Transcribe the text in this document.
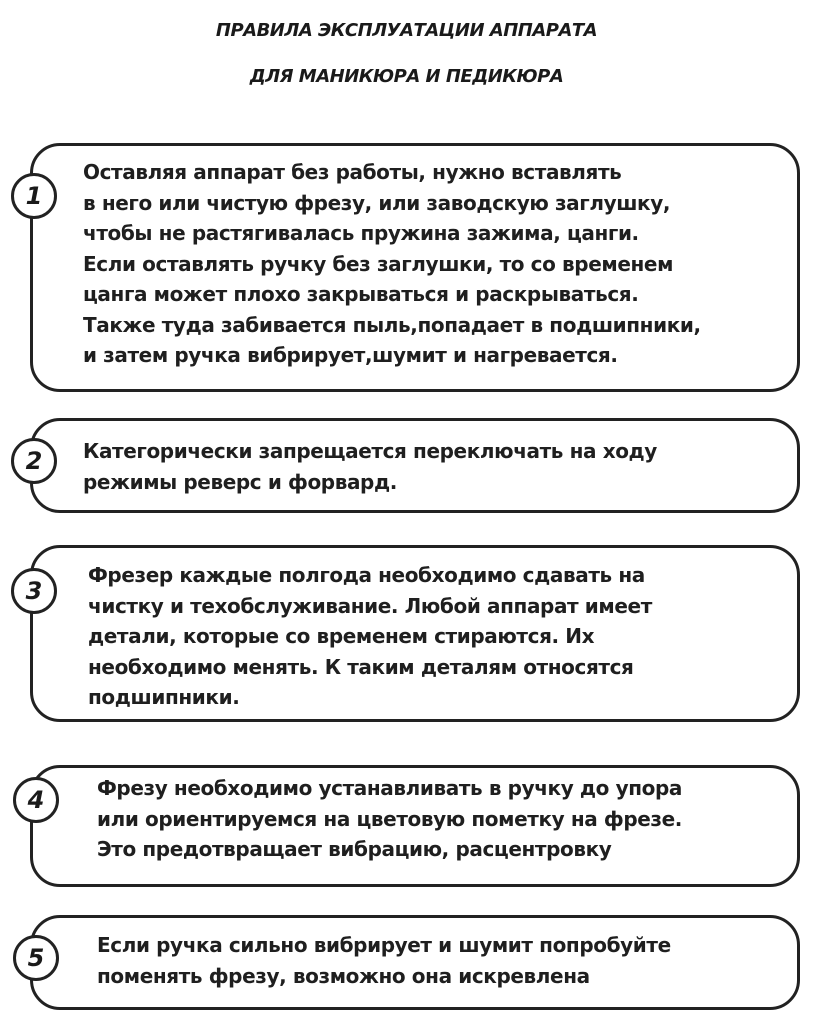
ПРАВИЛА ЭКСПЛУАТАЦИИ АППАРАТА
ДЛЯ МАНИКЮРА И ПЕДИКЮРА
1
Оставляя аппарат без работы, нужно вставлять
в него или чистую фрезу, или заводскую заглушку,
чтобы не растягивалась пружина зажима, цанги.
Если оставлять ручку без заглушки, то со временем
цанга может плохо закрываться и раскрываться.
Также туда забивается пыль,попадает в подшипники,
и затем ручка вибрирует,шумит и нагревается.
2	Категорически запрещается переключать на ходу
режимы реверс и форвард.
3
Фрезер каждые полгода необходимо сдавать на
чистку и техобслуживание. Любой аппарат имеет
детали, которые со временем стираются. Их
необходимо менять. К таким деталям относятся
подшипники.
4	Фрезу необходимо устанавливать в ручку до упора
или ориентируемся на цветовую пометку на фрезе.
Это предотвращает вибрацию, расцентровку
5	Если ручка сильно вибрирует и шумит попробуйте
поменять фрезу, возможно она искревлена
